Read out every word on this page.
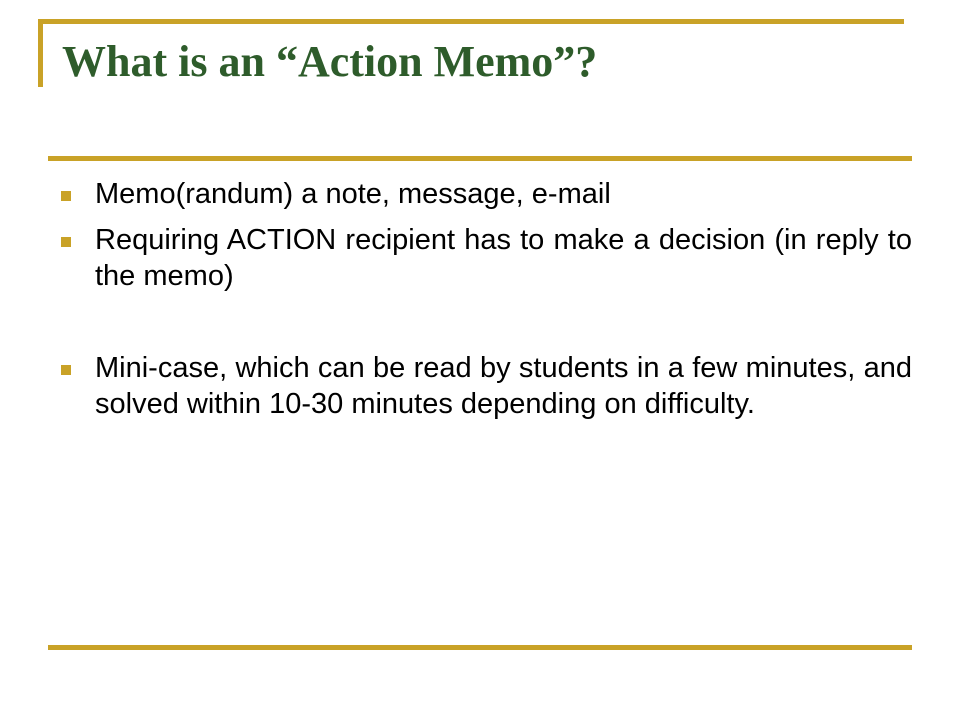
What is an “Action Memo”?
Memo(randum) a note, message, e-mail
Requiring ACTION recipient has to make a decision (in reply to the memo)
Mini-case, which can be read by students in a few minutes, and solved within 10-30 minutes depending on difficulty.
